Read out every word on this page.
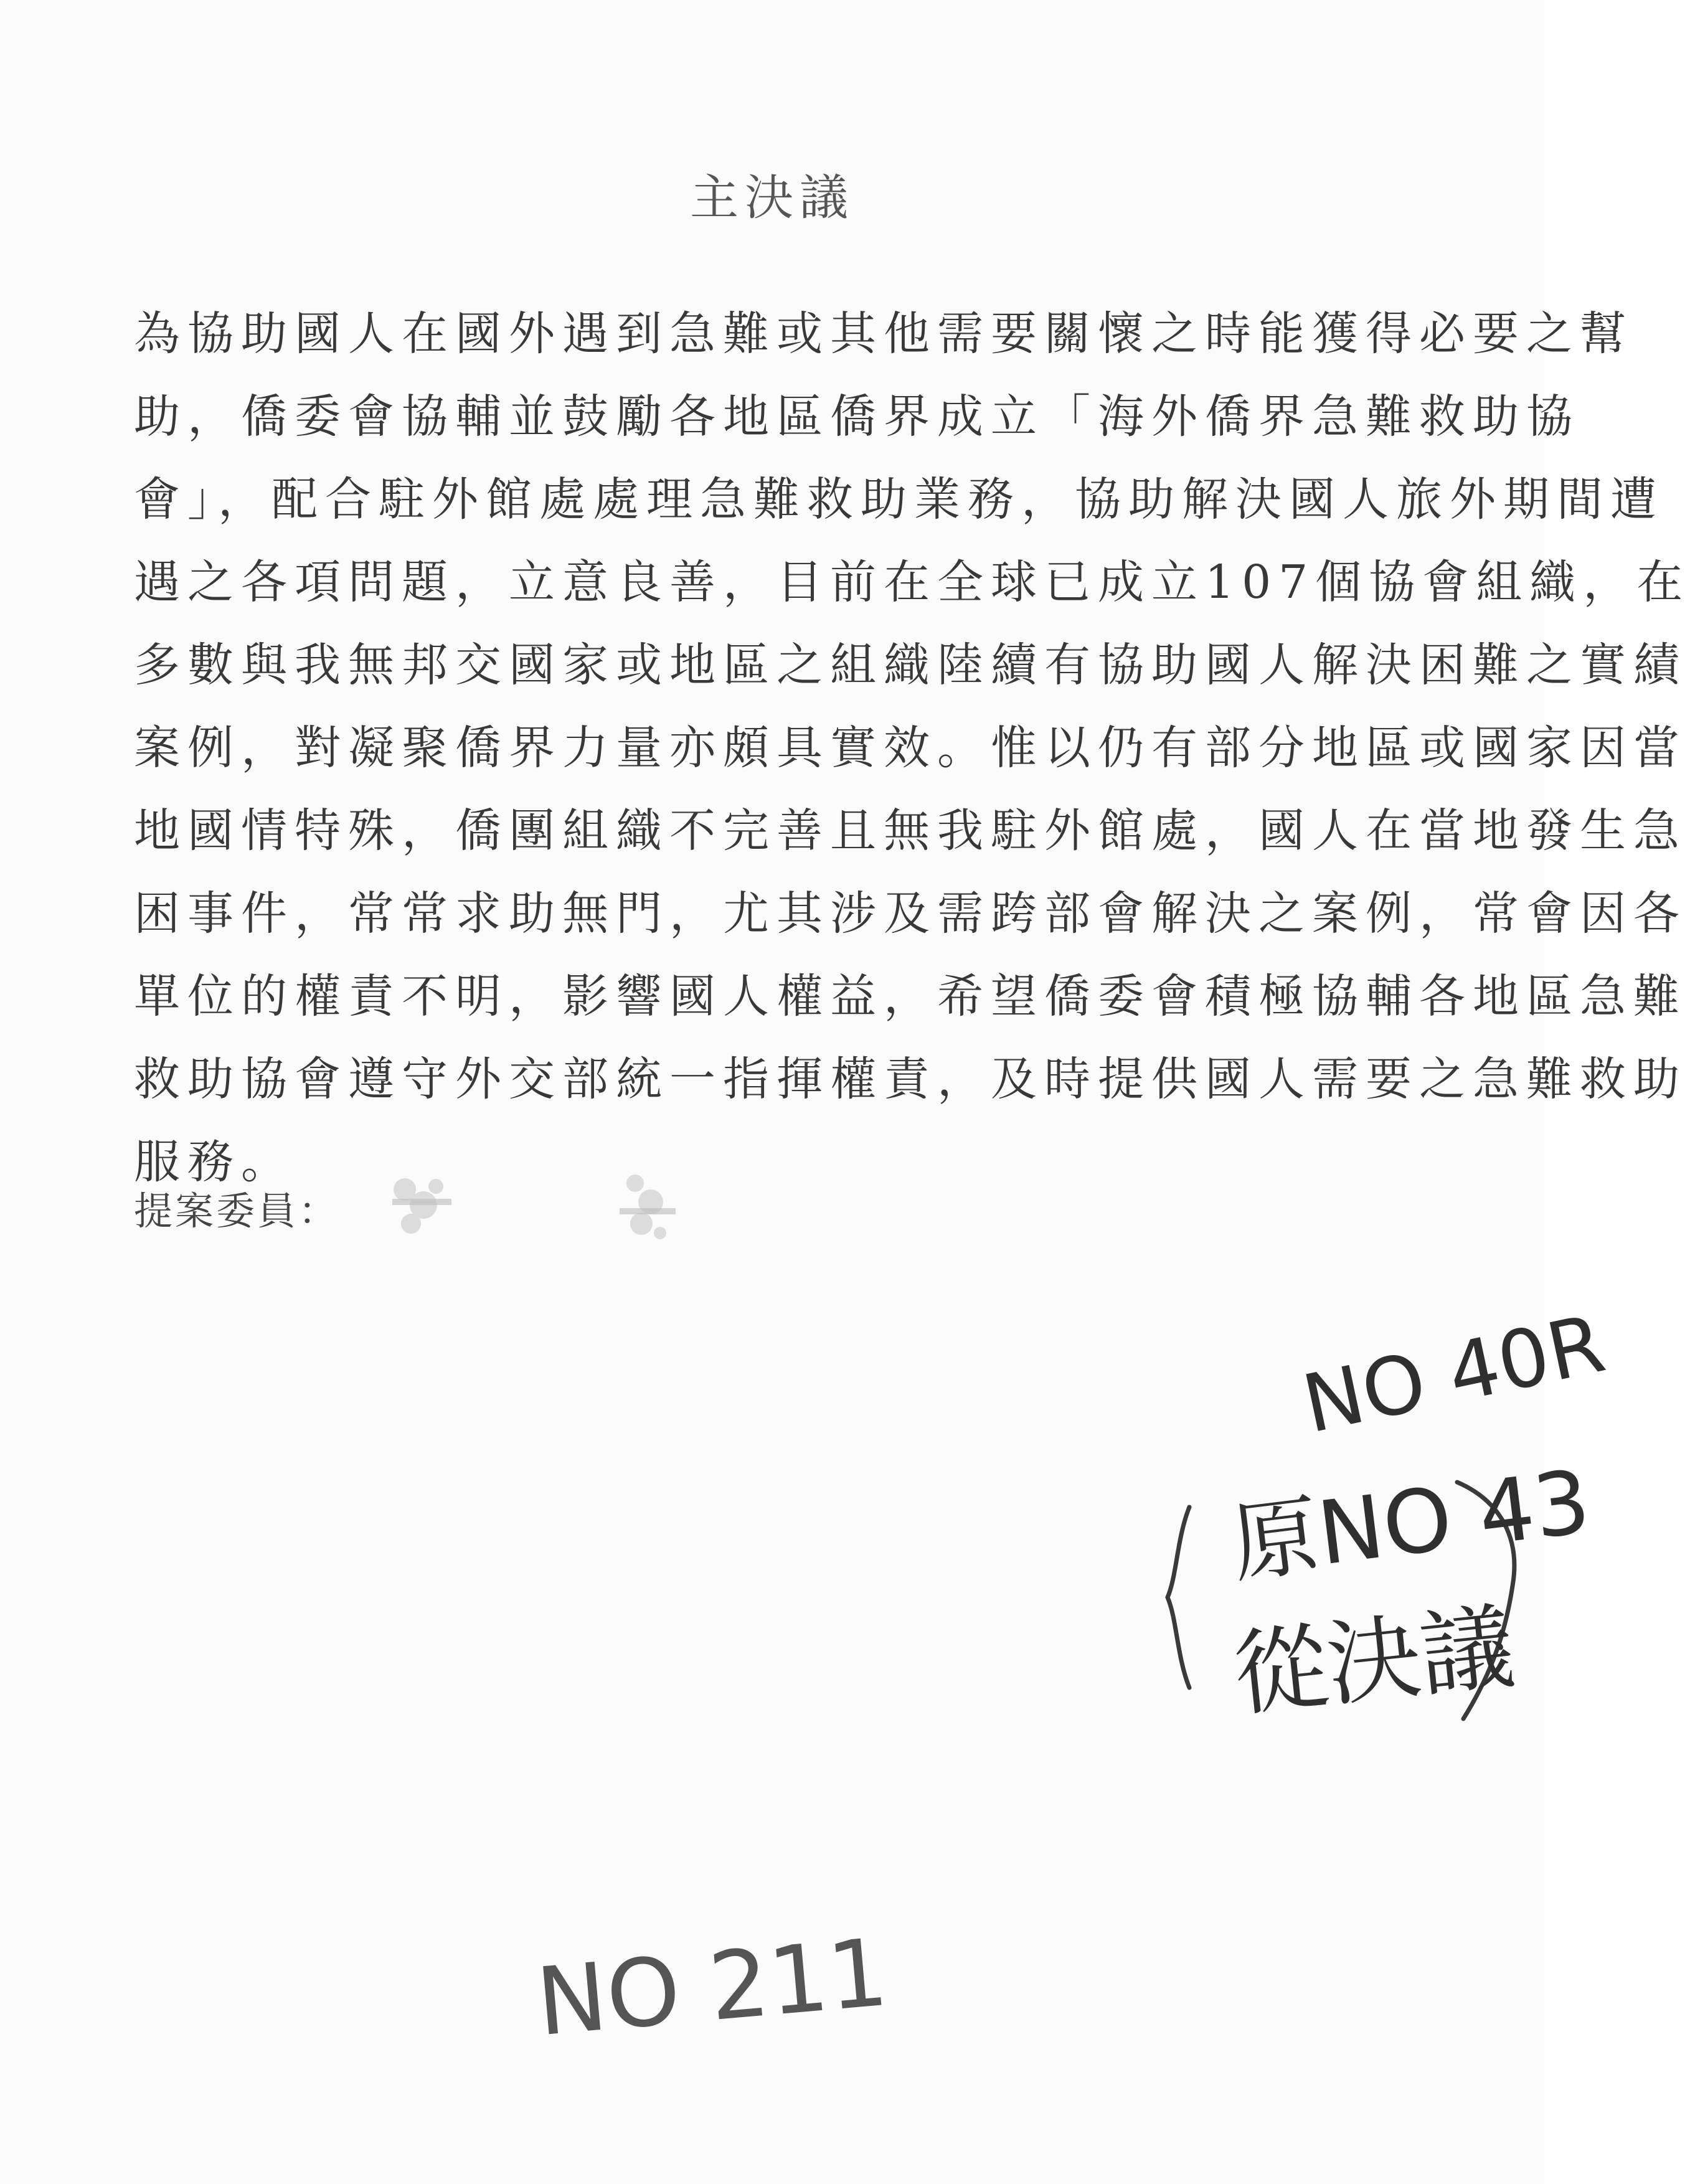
主決議
為協助國人在國外遇到急難或其他需要關懷之時能獲得必要之幫
助，僑委會協輔並鼓勵各地區僑界成立「海外僑界急難救助協
會」，配合駐外館處處理急難救助業務，協助解決國人旅外期間遭
遇之各項問題，立意良善，目前在全球已成立107個協會組織，在
多數與我無邦交國家或地區之組織陸續有協助國人解決困難之實績
案例，對凝聚僑界力量亦頗具實效。惟以仍有部分地區或國家因當
地國情特殊，僑團組織不完善且無我駐外館處，國人在當地發生急
困事件，常常求助無門，尤其涉及需跨部會解決之案例，常會因各
單位的權責不明，影響國人權益，希望僑委會積極協輔各地區急難
救助協會遵守外交部統一指揮權責，及時提供國人需要之急難救助
服務。
提案委員：
NO 40R
原NO 43
從決議
NO 211
